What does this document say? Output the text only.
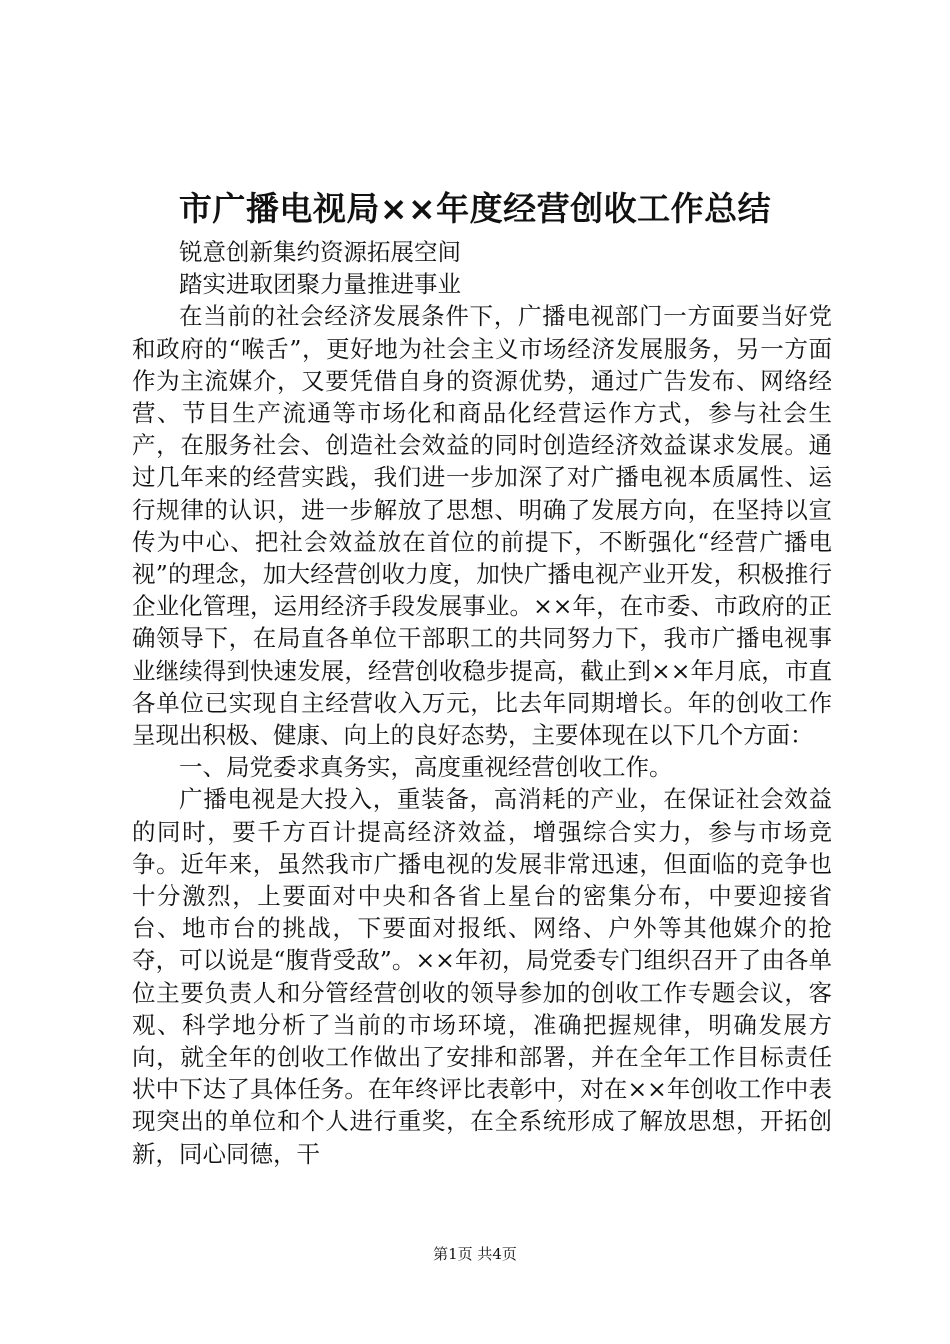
市广播电视局××年度经营创收工作总结

锐意创新集约资源拓展空间

踏实进取团聚力量推进事业

在当前的社会经济发展条件下，广播电视部门一方面要当好党和政府的“喉舌”，更好地为社会主义市场经济发展服务，另一方面作为主流媒介，又要凭借自身的资源优势，通过广告发布、网络经营、节目生产流通等市场化和商品化经营运作方式，参与社会生产，在服务社会、创造社会效益的同时创造经济效益谋求发展。通过几年来的经营实践，我们进一步加深了对广播电视本质属性、运行规律的认识，进一步解放了思想、明确了发展方向，在坚持以宣传为中心、把社会效益放在首位的前提下，不断强化“经营广播电视”的理念，加大经营创收力度，加快广播电视产业开发，积极推行企业化管理，运用经济手段发展事业。××年，在市委、市政府的正确领导下，在局直各单位干部职工的共同努力下，我市广播电视事业继续得到快速发展，经营创收稳步提高，截止到××年月底，市直各单位已实现自主经营收入万元，比去年同期增长。年的创收工作呈现出积极、健康、向上的良好态势，主要体现在以下几个方面：

一、局党委求真务实，高度重视经营创收工作。

广播电视是大投入，重装备，高消耗的产业，在保证社会效益的同时，要千方百计提高经济效益，增强综合实力，参与市场竞争。近年来，虽然我市广播电视的发展非常迅速，但面临的竞争也十分激烈，上要面对中央和各省上星台的密集分布，中要迎接省台、地市台的挑战，下要面对报纸、网络、户外等其他媒介的抢夺，可以说是“腹背受敌”。××年初，局党委专门组织召开了由各单位主要负责人和分管经营创收的领导参加的创收工作专题会议，客观、科学地分析了当前的市场环境，准确把握规律，明确发展方向，就全年的创收工作做出了安排和部署，并在全年工作目标责任状中下达了具体任务。在年终评比表彰中，对在××年创收工作中表现突出的单位和个人进行重奖，在全系统形成了解放思想，开拓创新，同心同德，干

第1页 共4页
